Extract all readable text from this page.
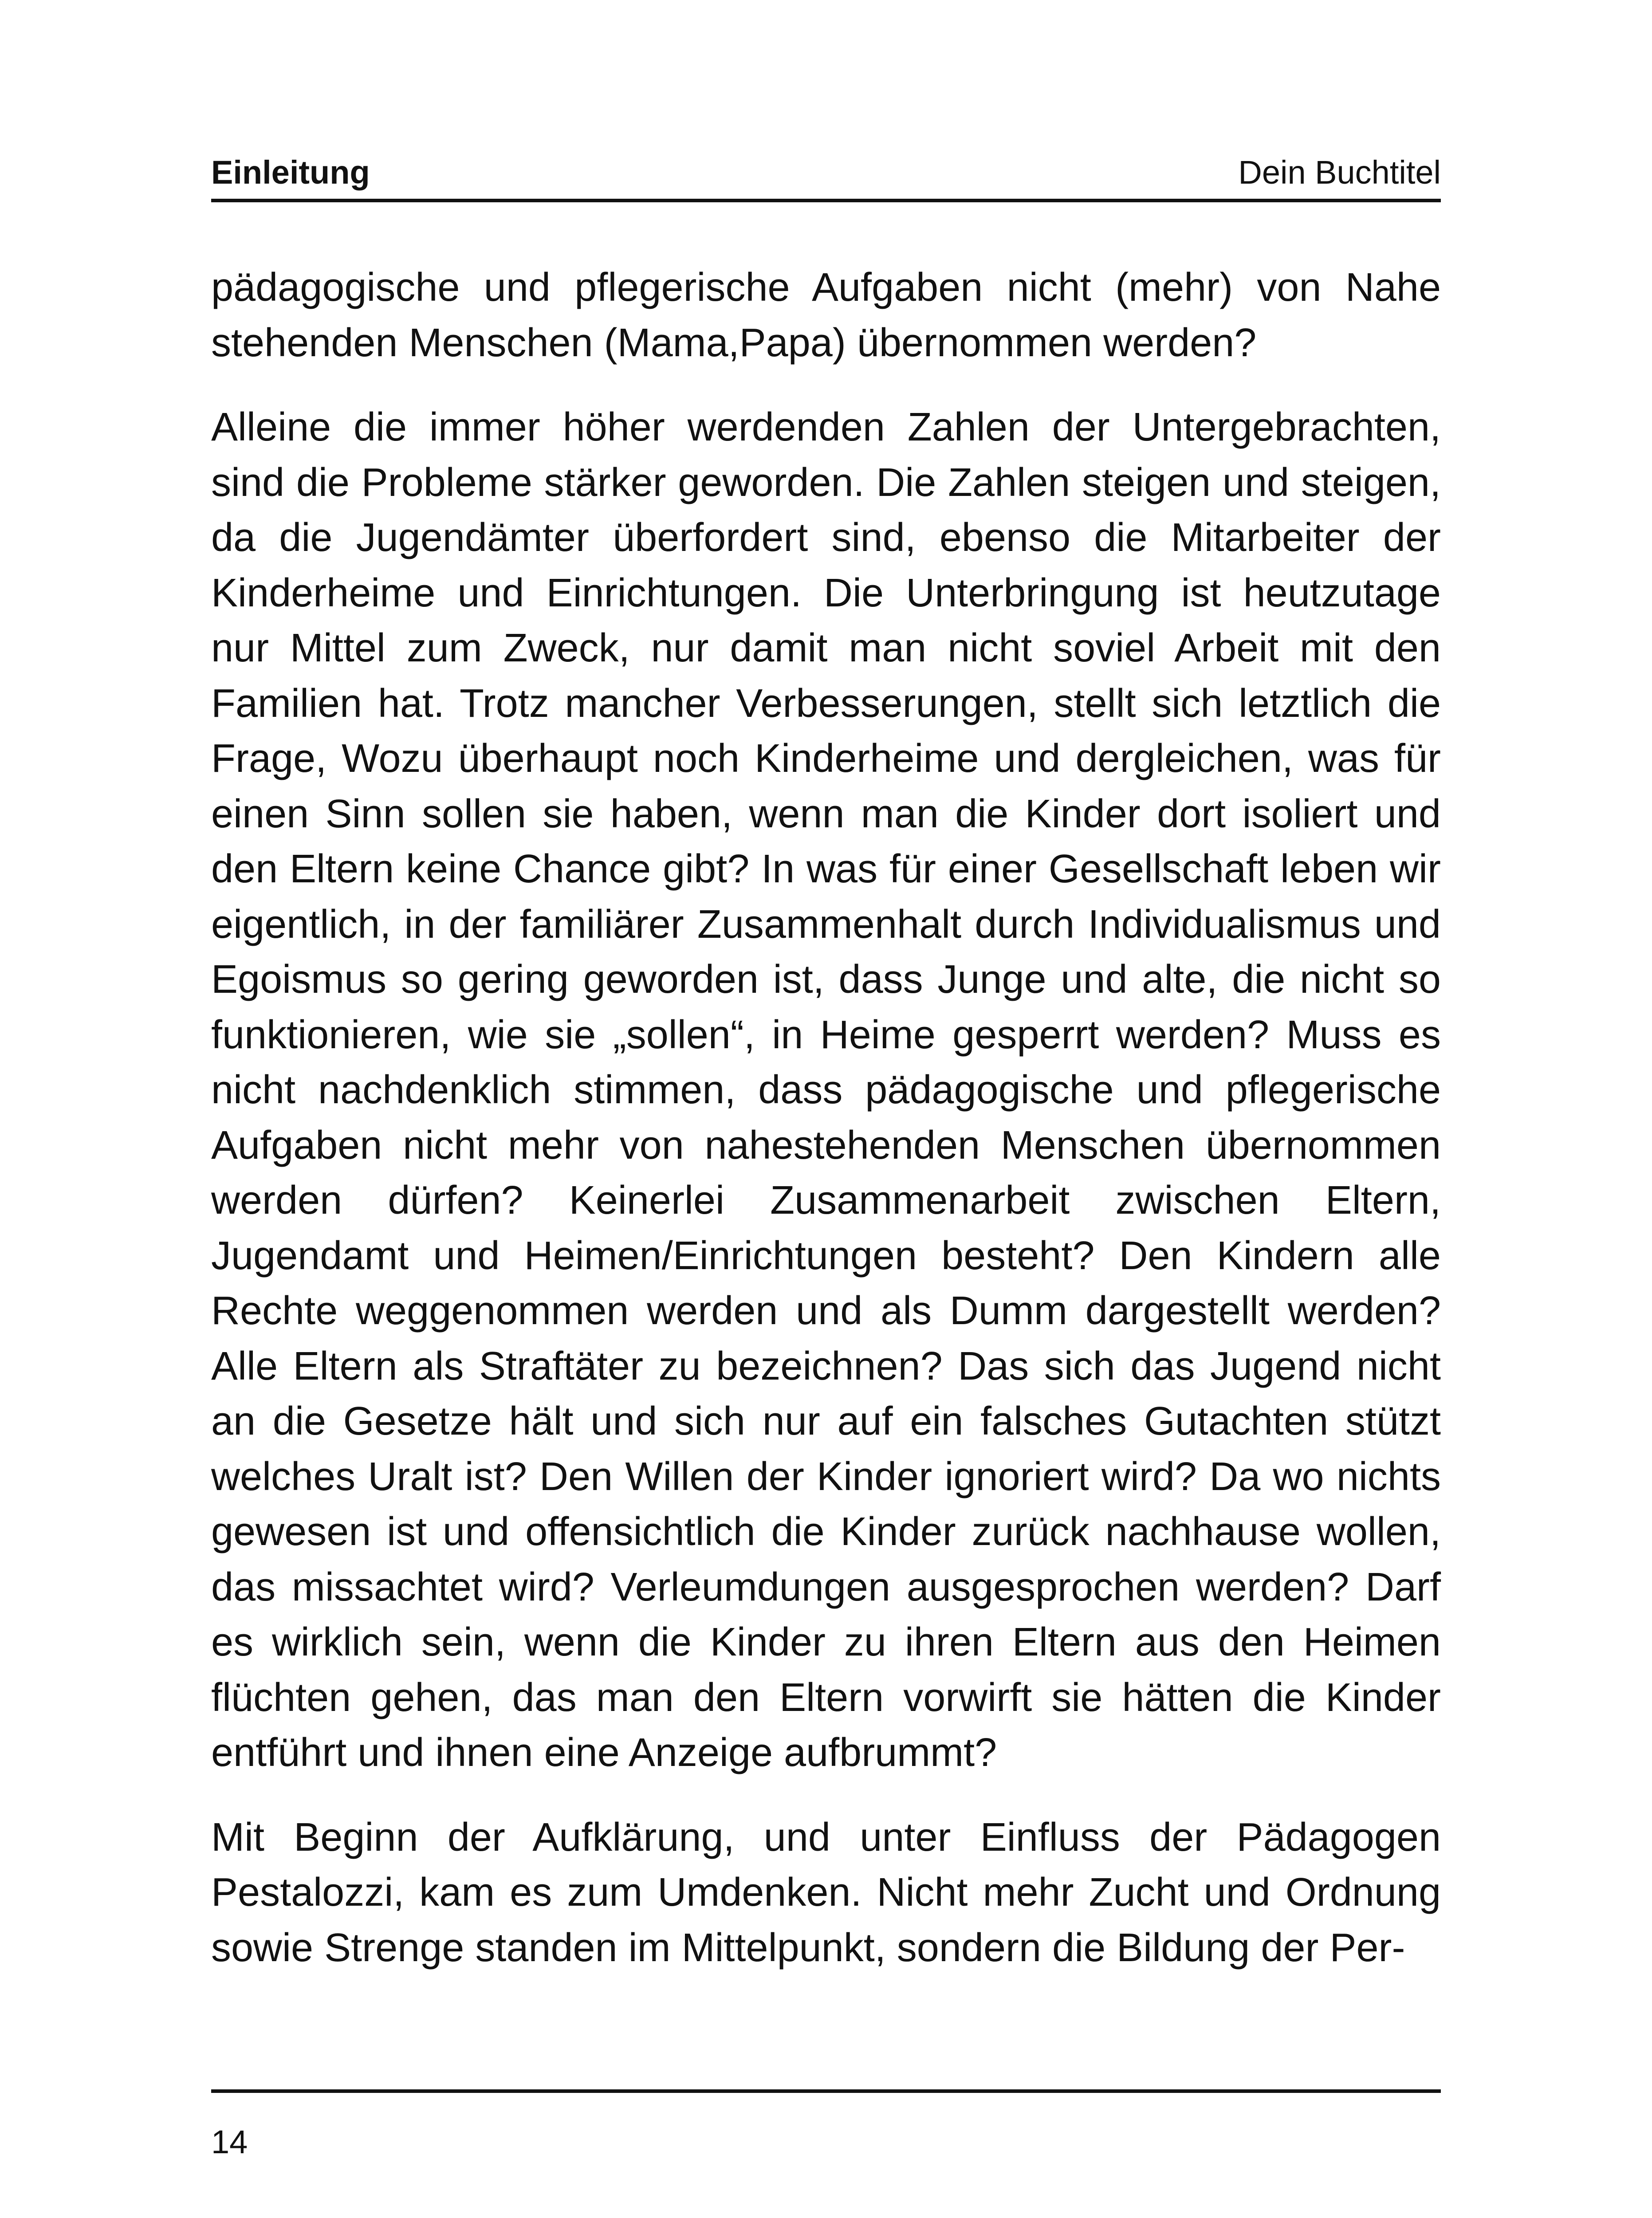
Einleitung	Dein Buchtitel

pädagogische und pflegerische Aufgaben nicht (mehr) von Nahe stehenden Menschen (Mama,Papa) übernommen werden?

Alleine die immer höher werdenden Zahlen der Untergebrachten, sind die Probleme stärker geworden. Die Zahlen steigen und steigen, da die Jugendämter überfordert sind, ebenso die Mitarbeiter der Kinderheime und Einrichtungen. Die Unterbringung ist heutzutage nur Mittel zum Zweck, nur damit man nicht soviel Arbeit mit den Familien hat. Trotz mancher Verbesserungen, stellt sich letztlich die Frage, Wozu überhaupt noch Kinderheime und dergleichen, was für einen Sinn sollen sie haben, wenn man die Kinder dort isoliert und den Eltern keine Chance gibt? In was für einer Gesellschaft leben wir eigentlich, in der familiärer Zusammenhalt durch Individualismus und Egoismus so gering geworden ist, dass Junge und alte, die nicht so funktionieren, wie sie „sollen“, in Heime gesperrt werden? Muss es nicht nachdenklich stimmen, dass pädagogische und pflegerische Aufgaben nicht mehr von nahestehenden Menschen übernommen werden dürfen? Keinerlei Zusammenarbeit zwischen Eltern, Jugendamt und Heimen/Einrichtungen besteht? Den Kindern alle Rechte weggenommen werden und als Dumm dargestellt werden? Alle Eltern als Straftäter zu bezeichnen? Das sich das Jugend nicht an die Gesetze hält und sich nur auf ein falsches Gutachten stützt welches Uralt ist? Den Willen der Kinder ignoriert wird? Da wo nichts gewesen ist und offensichtlich die Kinder zurück nachhause wollen, das missachtet wird? Verleumdungen ausgesprochen werden? Darf es wirklich sein, wenn die Kinder zu ihren Eltern aus den Heimen flüchten gehen, das man den Eltern vorwirft sie hätten die Kinder entführt und ihnen eine Anzeige aufbrummt?

Mit Beginn der Aufklärung, und unter Einfluss der Pädagogen Pestalozzi, kam es zum Umdenken. Nicht mehr Zucht und Ordnung sowie Strenge standen im Mittelpunkt, sondern die Bildung der Per-

14
